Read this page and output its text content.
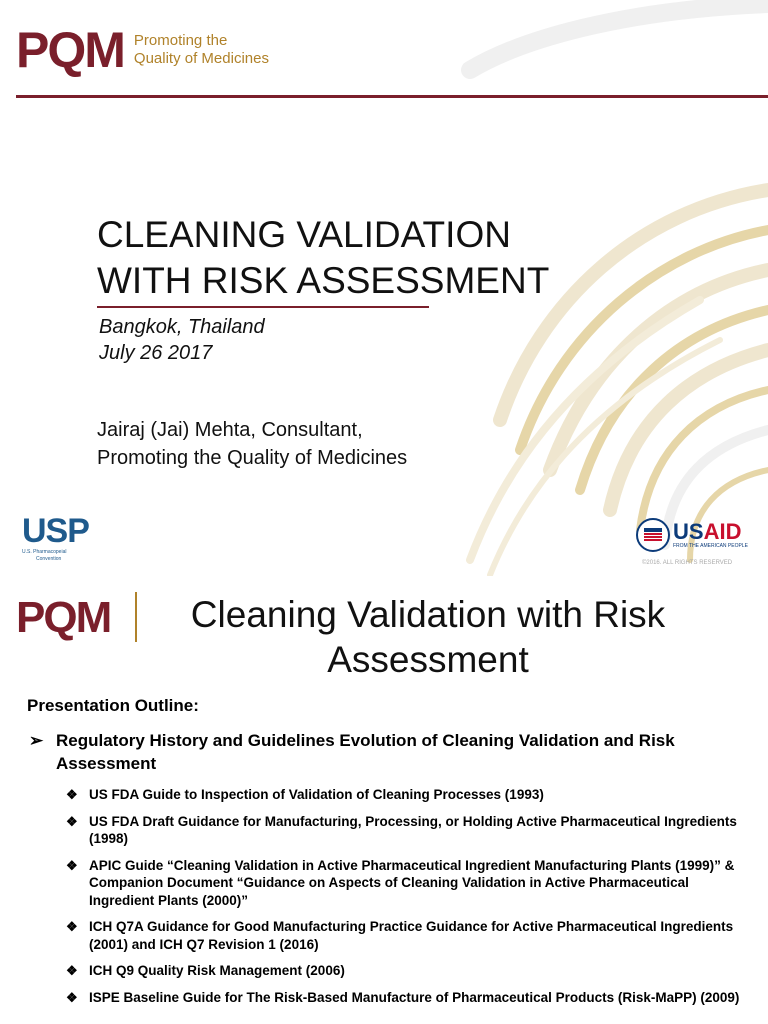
PQM Promoting the
Quality of Medicines
CLEANING VALIDATION
WITH RISK ASSESSMENT
Bangkok, Thailand
July 26 2017
Jairaj (Jai) Mehta, Consultant,
Promoting the Quality of Medicines
USP
U.S. Pharmacopeial
Convention
USAID
FROM THE AMERICAN PEOPLE
©2016. ALL RIGHTS RESERVED
PQM	Cleaning Validation with Risk Assessment
Presentation Outline:
➢ Regulatory History and Guidelines Evolution of Cleaning Validation and Risk Assessment
❖ US FDA Guide to Inspection of Validation of Cleaning Processes (1993)
❖ US FDA Draft Guidance for Manufacturing, Processing, or Holding Active Pharmaceutical Ingredients (1998)
❖ APIC Guide “Cleaning Validation in Active Pharmaceutical Ingredient Manufacturing Plants (1999)” & Companion Document “Guidance on Aspects of Cleaning Validation in Active Pharmaceutical Ingredient Plants (2000)”
❖ ICH Q7A Guidance for Good Manufacturing Practice Guidance for Active Pharmaceutical Ingredients (2001) and ICH Q7 Revision 1 (2016)
❖ ICH Q9 Quality Risk Management (2006)
❖ ISPE Baseline Guide for The Risk-Based Manufacture of Pharmaceutical Products (Risk-MaPP) (2009)
